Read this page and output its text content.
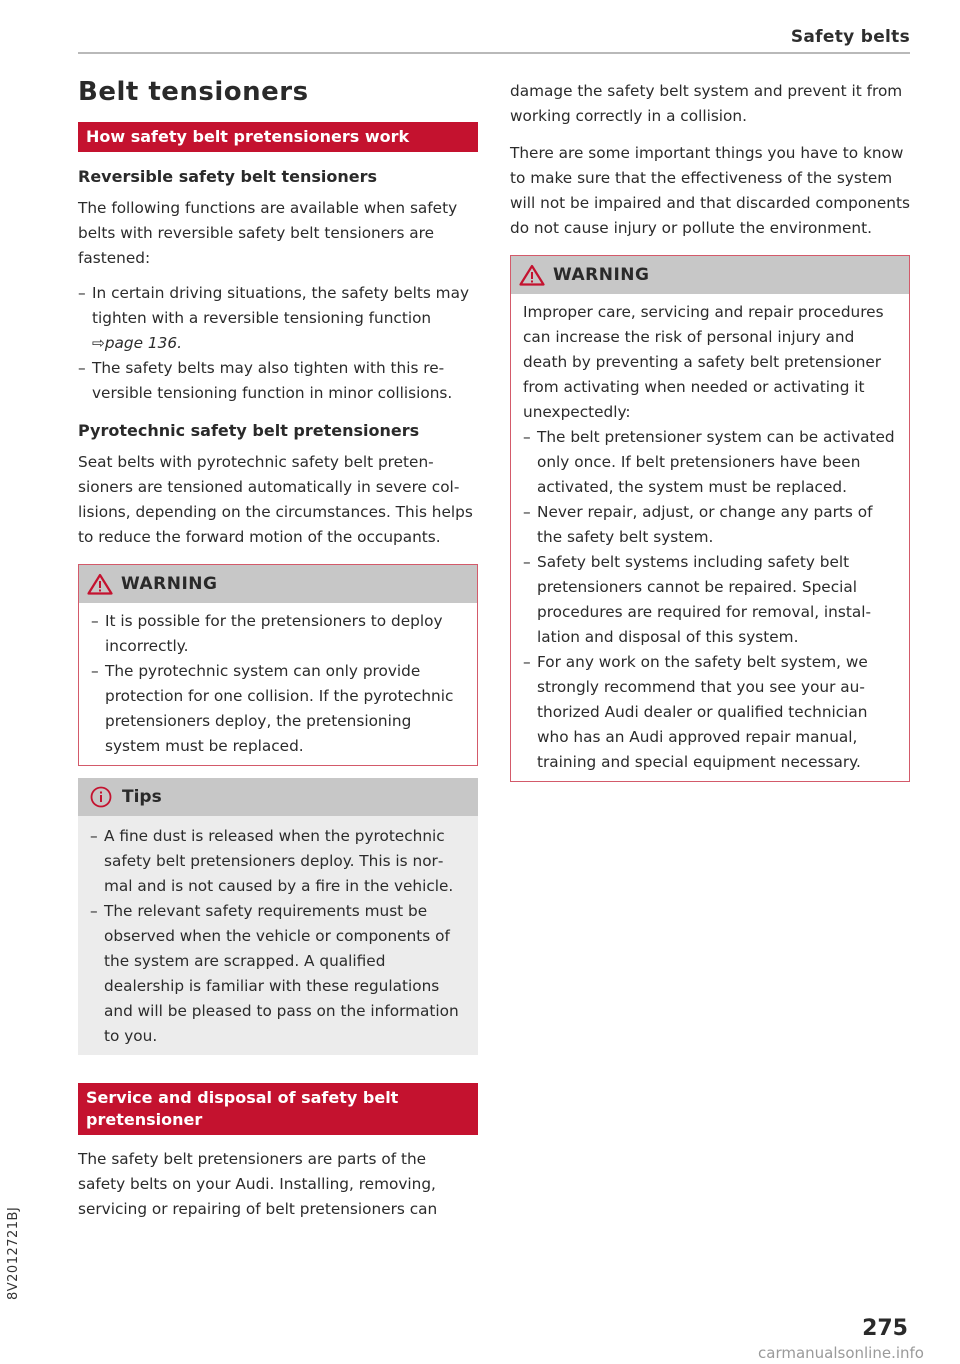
Safety belts
Belt tensioners
How safety belt pretensioners work
Reversible safety belt tensioners

The following functions are available when safety belts with reversible safety belt tensioners are fastened:

– In certain driving situations, the safety belts may tighten with a reversible tensioning function ⇨page 136.
– The safety belts may also tighten with this reversible tensioning function in minor collisions.
Pyrotechnic safety belt pretensioners

Seat belts with pyrotechnic safety belt pretensioners are tensioned automatically in severe collisions, depending on the circumstances. This helps to reduce the forward motion of the occupants.

WARNING
– It is possible for the pretensioners to deploy incorrectly.
– The pyrotechnic system can only provide protection for one collision. If the pyrotechnic pretensioners deploy, the pretensioning system must be replaced.
Tips
– A fine dust is released when the pyrotechnic safety belt pretensioners deploy. This is normal and is not caused by a fire in the vehicle.
– The relevant safety requirements must be observed when the vehicle or components of the system are scrapped. A qualified dealership is familiar with these regulations and will be pleased to pass on the information to you.
Service and disposal of safety belt pretensioner

The safety belt pretensioners are parts of the safety belts on your Audi. Installing, removing, servicing or repairing of belt pretensioners can

damage the safety belt system and prevent it from working correctly in a collision.

There are some important things you have to know to make sure that the effectiveness of the system will not be impaired and that discarded components do not cause injury or pollute the environment.

WARNING

Improper care, servicing and repair procedures can increase the risk of personal injury and death by preventing a safety belt pretensioner from activating when needed or activating it unexpectedly:

– The belt pretensioner system can be activated only once. If belt pretensioners have been activated, the system must be replaced.
– Never repair, adjust, or change any parts of the safety belt system.
– Safety belt systems including safety belt pretensioners cannot be repaired. Special procedures are required for removal, installation and disposal of this system.
– For any work on the safety belt system, we strongly recommend that you see your authorized Audi dealer or qualified technician who has an Audi approved repair manual, training and special equipment necessary.
8V2012721BJ
275
carmanualsonline.info
